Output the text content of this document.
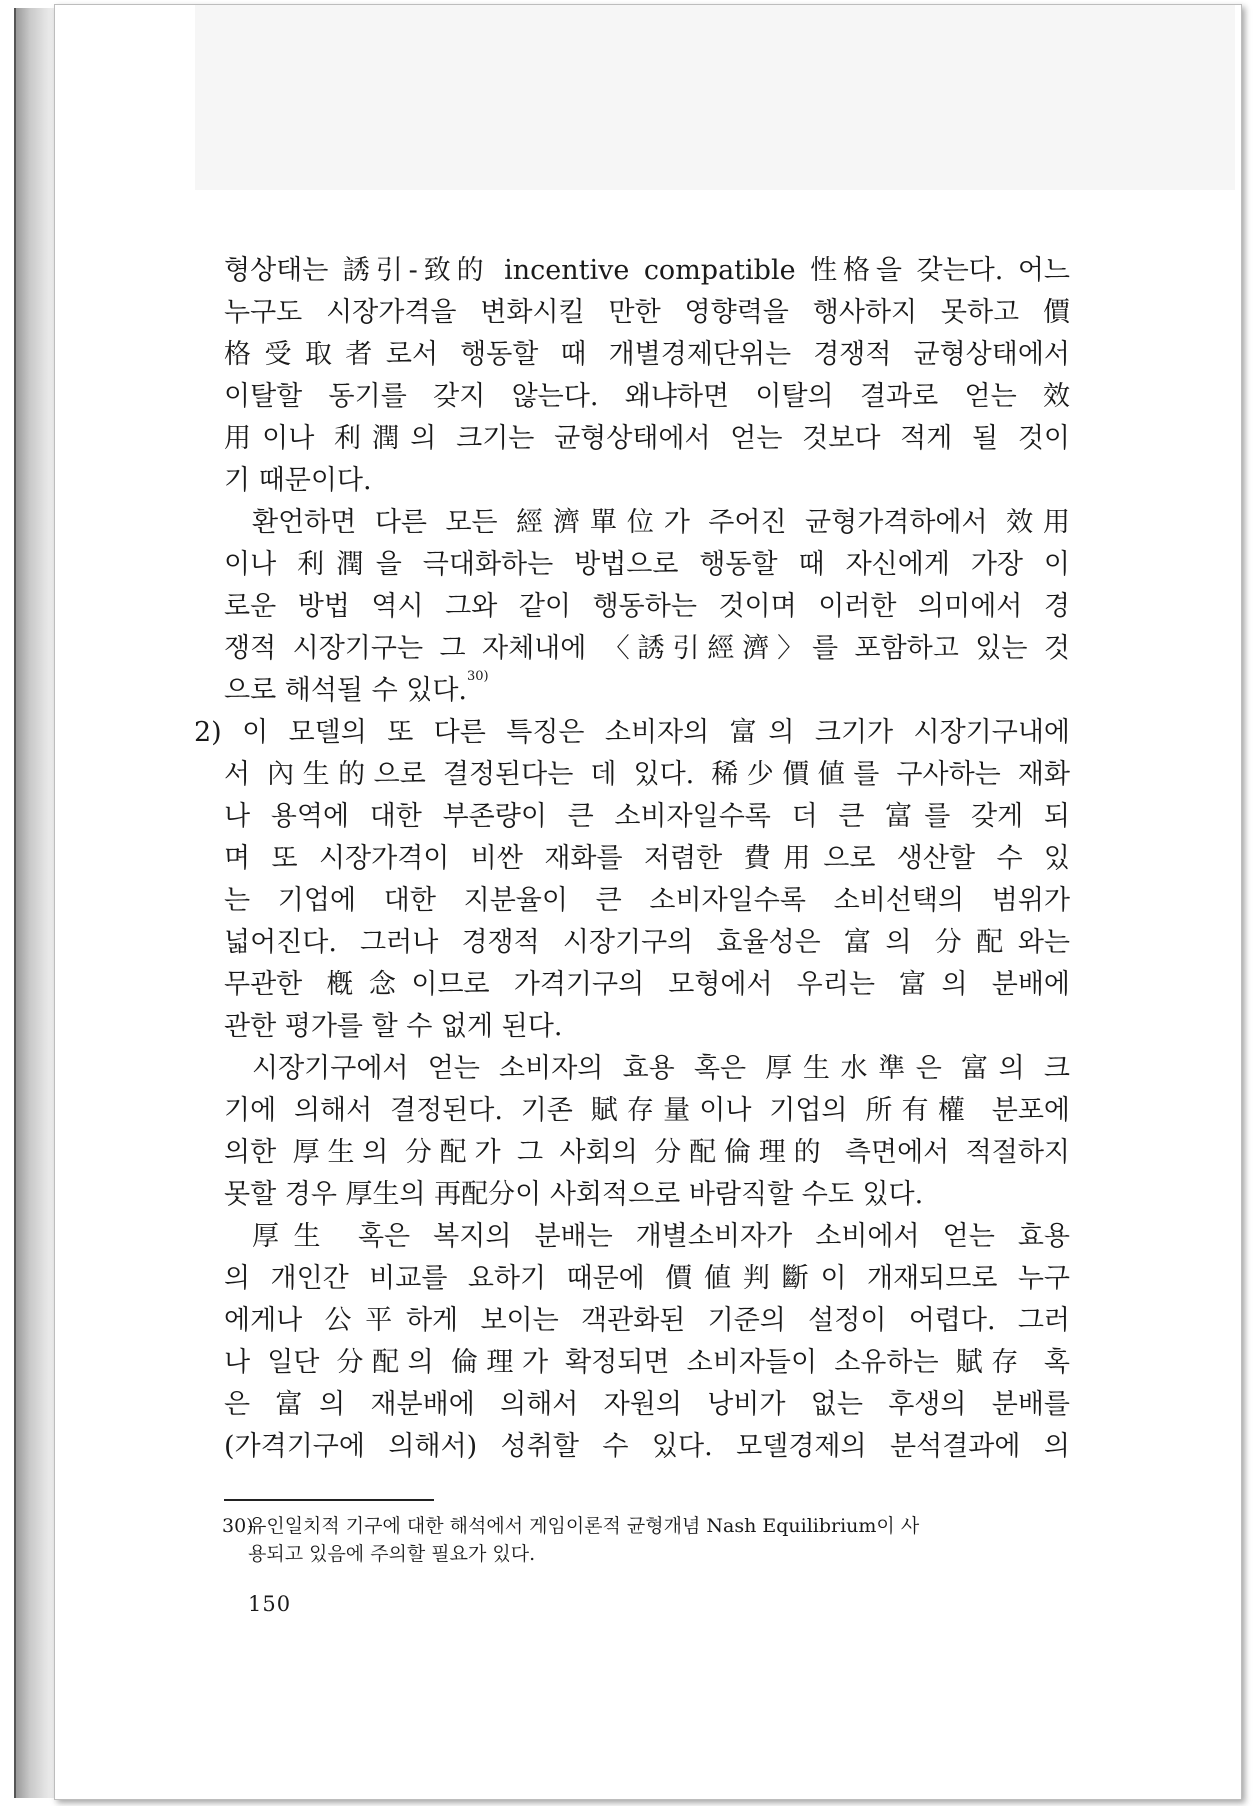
형상태는 誘引-致的 incentive compatible 性格을 갖는다. 어느
누구도 시장가격을 변화시킬 만한 영향력을 행사하지 못하고 價
格受取者로서 행동할 때 개별경제단위는 경쟁적 균형상태에서
이탈할 동기를 갖지 않는다. 왜냐하면 이탈의 결과로 얻는 效
用이나 利潤의 크기는 균형상태에서 얻는 것보다 적게 될 것이
기 때문이다.
환언하면 다른 모든 經濟單位가 주어진 균형가격하에서 效用
이나 利潤을 극대화하는 방법으로 행동할 때 자신에게 가장 이
로운 방법 역시 그와 같이 행동하는 것이며 이러한 의미에서 경
쟁적 시장기구는 그 자체내에 〈誘引經濟〉를 포함하고 있는 것
으로 해석될 수 있다.$^{30)}$
2) 이 모델의 또 다른 특징은 소비자의 富의 크기가 시장기구내에
서 內生的으로 결정된다는 데 있다. 稀少價値를 구사하는 재화
나 용역에 대한 부존량이 큰 소비자일수록 더 큰 富를 갖게 되
며 또 시장가격이 비싼 재화를 저렴한 費用으로 생산할 수 있
는 기업에 대한 지분율이 큰 소비자일수록 소비선택의 범위가
넓어진다. 그러나 경쟁적 시장기구의 효율성은 富의 分配와는
무관한 槪念이므로 가격기구의 모형에서 우리는 富의 분배에
관한 평가를 할 수 없게 된다.
시장기구에서 얻는 소비자의 효용 혹은 厚生水準은 富의 크
기에 의해서 결정된다. 기존 賦存量이나 기업의 所有權 분포에
의한 厚生의 分配가 그 사회의 分配倫理的 측면에서 적절하지
못할 경우 厚生의 再配分이 사회적으로 바람직할 수도 있다.
厚生 혹은 복지의 분배는 개별소비자가 소비에서 얻는 효용
의 개인간 비교를 요하기 때문에 價値判斷이 개재되므로 누구
에게나 公平하게 보이는 객관화된 기준의 설정이 어렵다. 그러
나 일단 分配의 倫理가 확정되면 소비자들이 소유하는 賦存 혹
은 富의 재분배에 의해서 자원의 낭비가 없는 후생의 분배를
(가격기구에 의해서) 성취할 수 있다. 모델경제의 분석결과에 의
30)
유인일치적 기구에 대한 해석에서 게임이론적 균형개념 Nash Equilibrium이 사
용되고 있음에 주의할 필요가 있다.
150
